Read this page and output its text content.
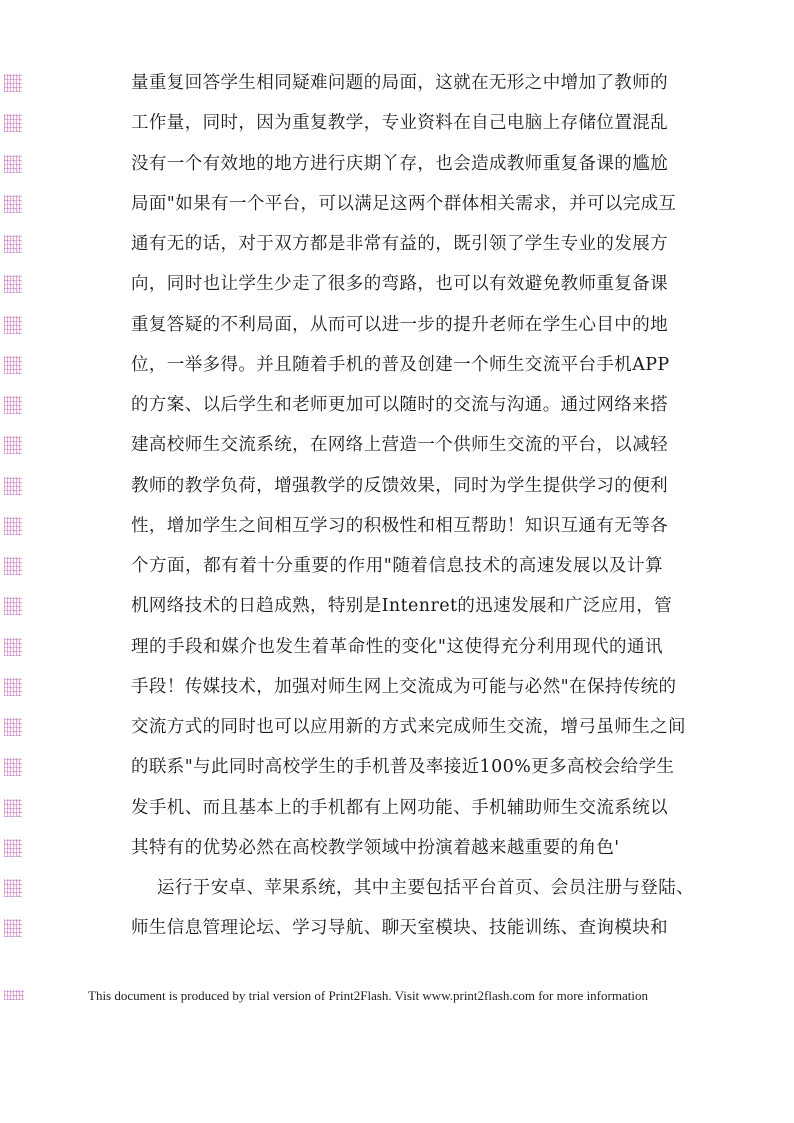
量重复回答学生相同疑难问题的局面，这就在无形之中增加了教师的
工作量，同时，因为重复教学，专业资料在自己电脑上存储位置混乱
没有一个有效地的地方进行庆期丫存，也会造成教师重复备课的尴尬
局面"如果有一个平台，可以满足这两个群体相关需求，并可以完成互
通有无的话，对于双方都是非常有益的，既引领了学生专业的发展方
向，同时也让学生少走了很多的弯路，也可以有效避免教师重复备课
重复答疑的不利局面，从而可以进一步的提升老师在学生心目中的地
位，一举多得。并且随着手机的普及创建一个师生交流平台手机APP
的方案、以后学生和老师更加可以随时的交流与沟通。通过网络来搭
建高校师生交流系统，在网络上营造一个供师生交流的平台，以减轻
教师的教学负荷，增强教学的反馈效果，同时为学生提供学习的便利
性，增加学生之间相互学习的积极性和相互帮助！知识互通有无等各
个方面，都有着十分重要的作用"随着信息技术的高速发展以及计算
机网络技术的日趋成熟，特别是Intenret的迅速发展和广泛应用，管
理的手段和媒介也发生着革命性的变化"这使得充分利用现代的通讯
手段！传媒技术，加强对师生网上交流成为可能与必然"在保持传统的
交流方式的同时也可以应用新的方式来完成师生交流，增弓虽师生之间
的联系"与此同时高校学生的手机普及率接近100%更多高校会给学生
发手机、而且基本上的手机都有上网功能、手机辅助师生交流系统以
其特有的优势必然在高校教学领域中扮演着越来越重要的角色'
运行于安卓、苹果系统，其中主要包括平台首页、会员注册与登陆、
师生信息管理论坛、学习导航、聊天室模块、技能训练、查询模块和
This document is produced by trial version of Print2Flash. Visit www.print2flash.com for more information
